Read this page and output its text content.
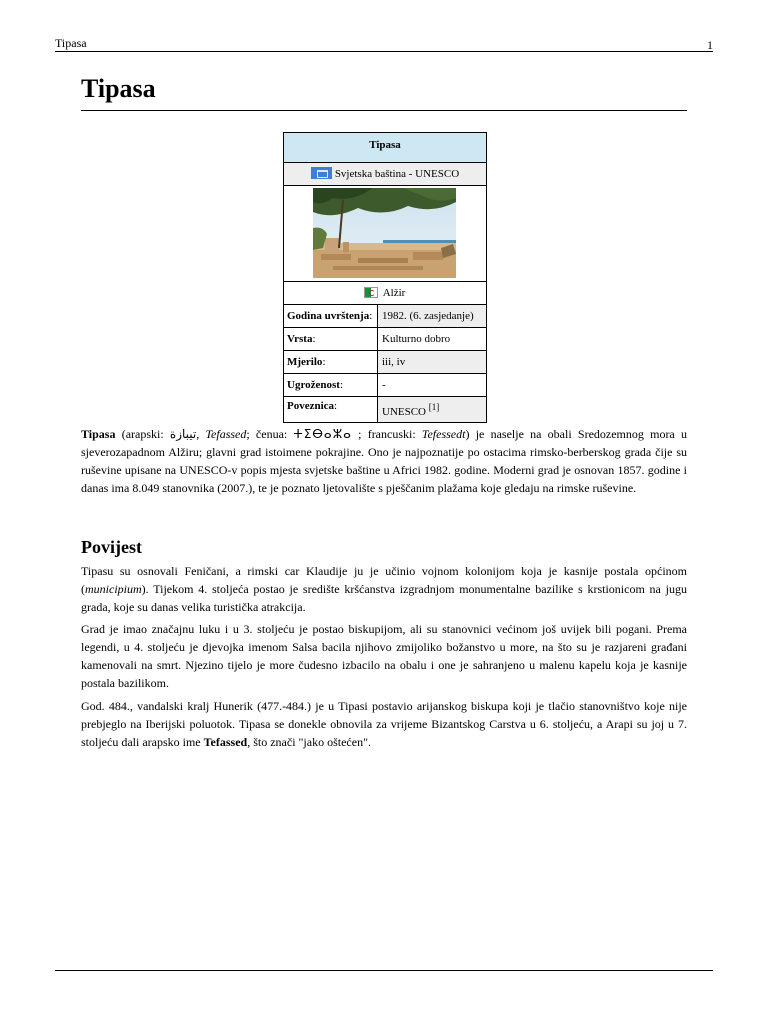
Tipasa	1
Tipasa
Tipasa
Svjetska baština - UNESCO
Alžir
Godina uvrštenja: 1982. (6. zasjedanje)
Vrsta:	Kulturno dobro
Mjerilo:	iii, iv
Ugroženost:	-
Poveznica:	UNESCO [1]

Tipasa (arapski: تيبازة, Tefassed; čenua: ⵜⵉⴱⴰⵣⴰ ; francuski: Tefessedt) je naselje na obali Sredozemnog mora u sjeverozapadnom Alžiru; glavni grad istoimene pokrajine. Ono je najpoznatije po ostacima rimsko-berberskog grada čije su ruševine upisane na UNESCO-v popis mjesta svjetske baštine u Africi 1982. godine. Moderni grad je osnovan 1857. godine i danas ima 8.049 stanovnika (2007.), te je poznato ljetovalište s pješčanim plažama koje gledaju na rimske ruševine.

Povijest

Tipasu su osnovali Feničani, a rimski car Klaudije ju je učinio vojnom kolonijom koja je kasnije postala općinom (municipium). Tijekom 4. stoljeća postao je središte kršćanstva izgradnjom monumentalne bazilike s krstionicom na jugu grada, koje su danas velika turistička atrakcija.

Grad je imao značajnu luku i u 3. stoljeću je postao biskupijom, ali su stanovnici većinom još uvijek bili pogani. Prema legendi, u 4. stoljeću je djevojka imenom Salsa bacila njihovo zmijoliko božanstvo u more, na što su je razjareni građani kamenovali na smrt. Njezino tijelo je more čudesno izbacilo na obalu i one je sahranjeno u malenu kapelu koja je kasnije postala bazilikom.

God. 484., vandalski kralj Hunerik (477.-484.) je u Tipasi postavio arijanskog biskupa koji je tlačio stanovništvo koje nije prebjeglo na Iberijski poluotok. Tipasa se donekle obnovila za vrijeme Bizantskog Carstva u 6. stoljeću, a Arapi su joj u 7. stoljeću dali arapsko ime Tefassed, što znači "jako oštećen".
